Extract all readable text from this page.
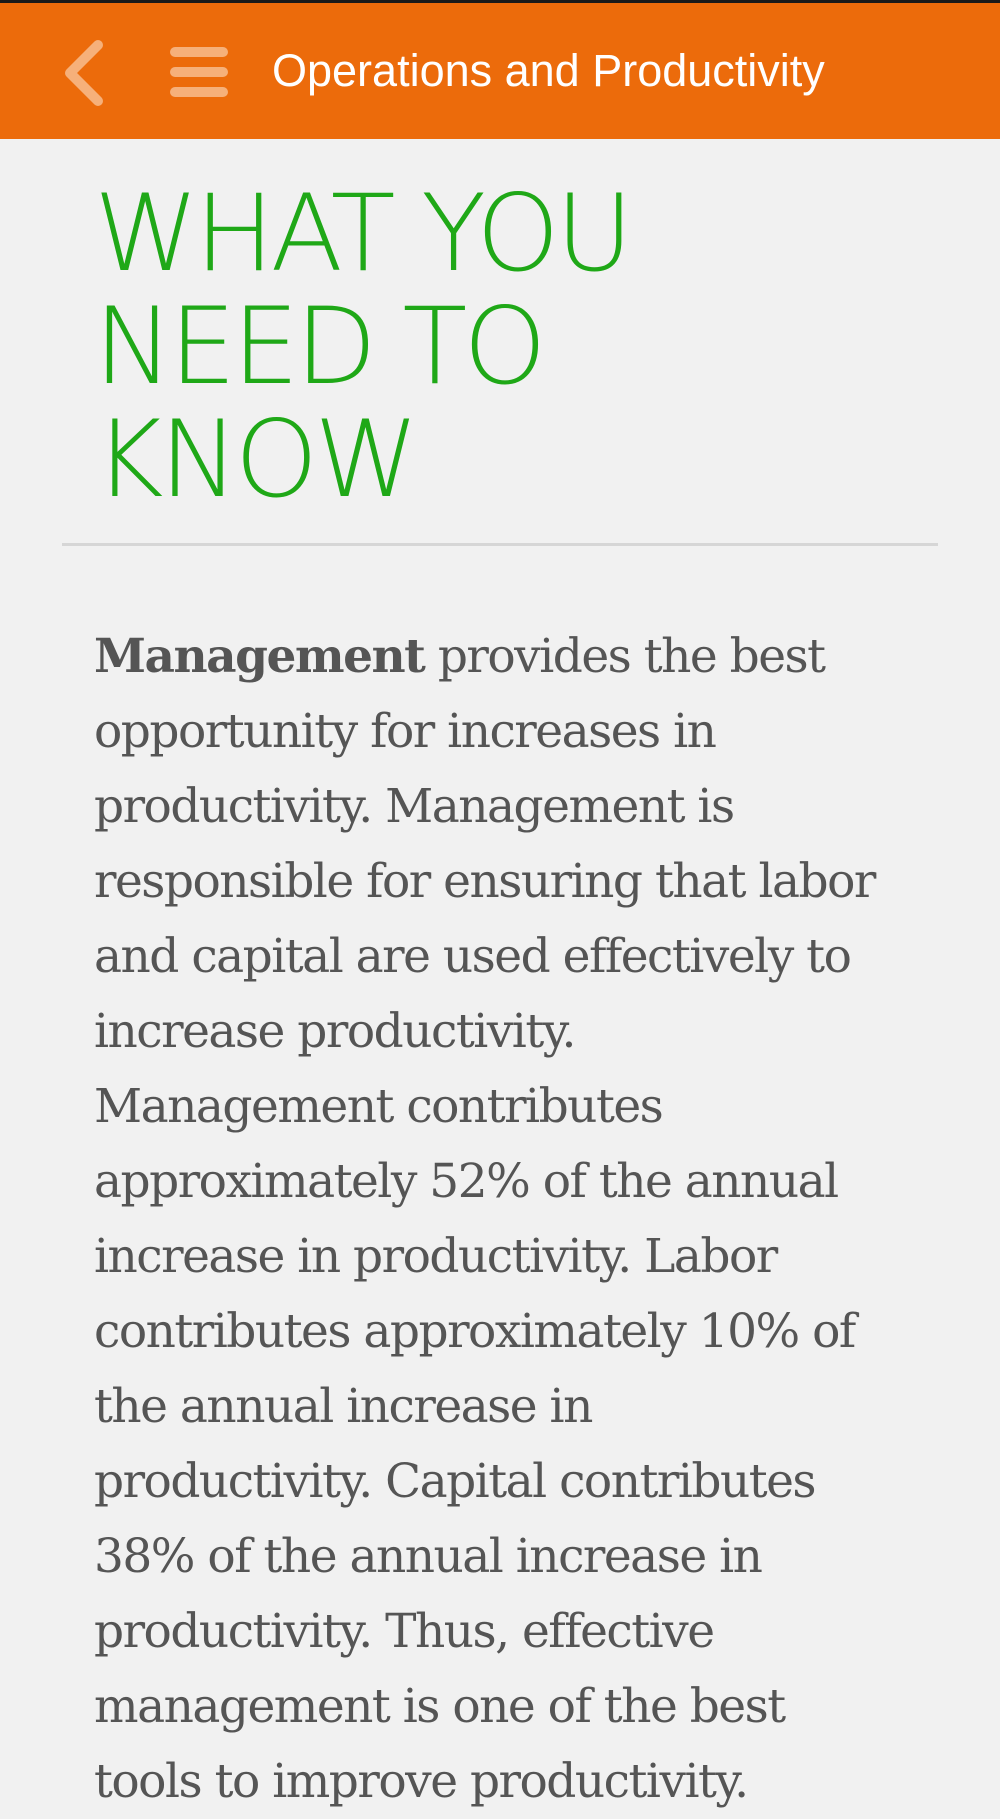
Operations and Productivity
WHAT YOU
NEED TO
KNOW

Management provides the best
opportunity for increases in
productivity. Management is
responsible for ensuring that labor
and capital are used effectively to
increase productivity.
Management contributes
approximately 52% of the annual
increase in productivity. Labor
contributes approximately 10% of
the annual increase in
productivity. Capital contributes
38% of the annual increase in
productivity. Thus, effective
management is one of the best
tools to improve productivity.
